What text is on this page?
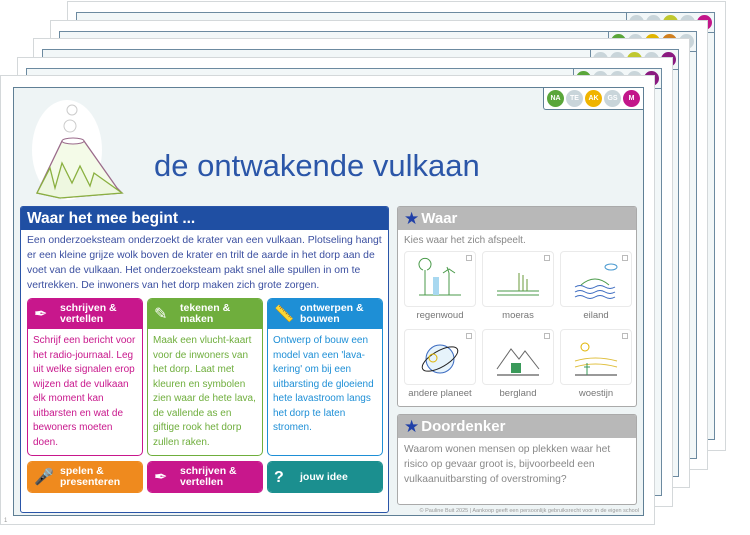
NA	TE	AK	GS	M
de ontwakende vulkaan
Waar het mee begint ...
Een onderzoeksteam onderzoekt de krater van een vulkaan. Plotseling hangt er een kleine grijze wolk boven de krater en trilt de aarde in het dorp aan de voet van de vulkaan. Het onderzoeksteam pakt snel alle spullen in om te vertrekken. De inwoners van het dorp maken zich grote zorgen.
✒	schrijven & vertellen
Schrijf een bericht voor het radio-journaal. Leg uit welke signalen erop wijzen dat de vulkaan elk moment kan uitbarsten en wat de bewoners moeten doen.
✎	tekenen & maken
Maak een vlucht-kaart voor de inwoners van het dorp. Laat met kleuren en symbolen zien waar de hete lava, de vallende as en giftige rook het dorp zullen raken.
📏 ontwerpen & bouwen
Ontwerp of bouw een model van een 'lava-kering' om bij een uitbarsting de gloeiend hete lavastroom langs het dorp te laten stromen.
🎤 spelen & presenteren	✒	schrijven & vertellen	?	jouw idee
★ Waar
Kies waar het zich afspeelt.
regenwoud	moeras	eiland
andere planeet	bergland	woestijn
★ Doordenker
Waarom wonen mensen op plekken waar het risico op gevaar groot is, bijvoorbeeld een vulkaanuitbarsting of overstroming?
© Pauline Buit 2025 | Aankoop geeft een persoonlijk gebruiksrecht voor in de eigen school
1
